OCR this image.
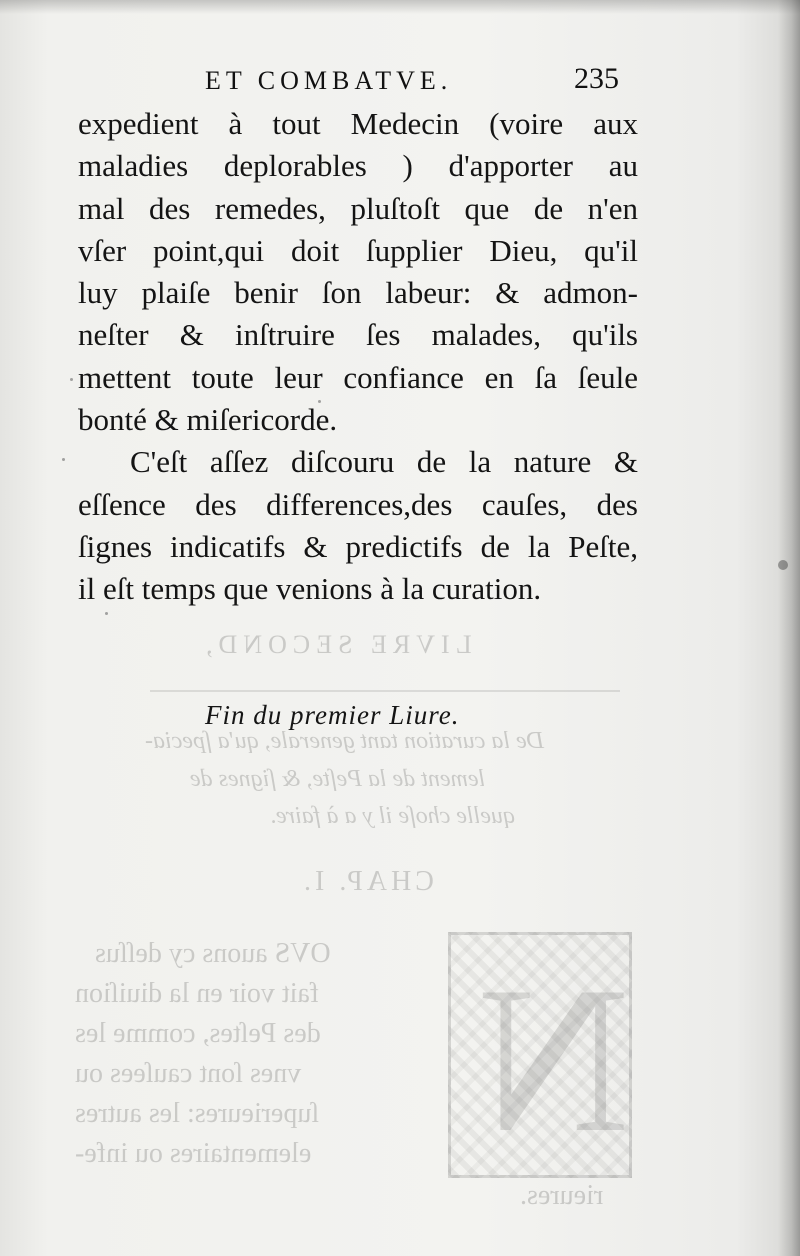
LIVRE SECOND,
De la curation tant generale, qu'a ſpecia-
lement de la Peſte, & ſignes de
quelle choſe il y a à faire.
CHAP. I.
N
OVS auons cy deſſus
fait voir en la diuiſion
des Peſtes, comme les
vnes ſont cauſees ou
ſuperieures: les autres
elementaires ou infe-
rieures.
ET COMBATVE.	235
expedient à tout Medecin (voire aux
maladies deplorables ) d'apporter au
mal des remedes, pluſtoſt que de n'en
vſer point,qui doit ſupplier Dieu, qu'il
luy plaiſe benir ſon labeur: & admon-
neſter & inſtruire ſes malades, qu'ils
mettent toute leur confiance en ſa ſeule
bonté & miſericorde.
C'eſt aſſez diſcouru de la nature &
eſſence des differences,des cauſes, des
ſignes indicatifs & predictifs de la Peſte,
il eſt temps que venions à la curation.
Fin du premier Liure.
